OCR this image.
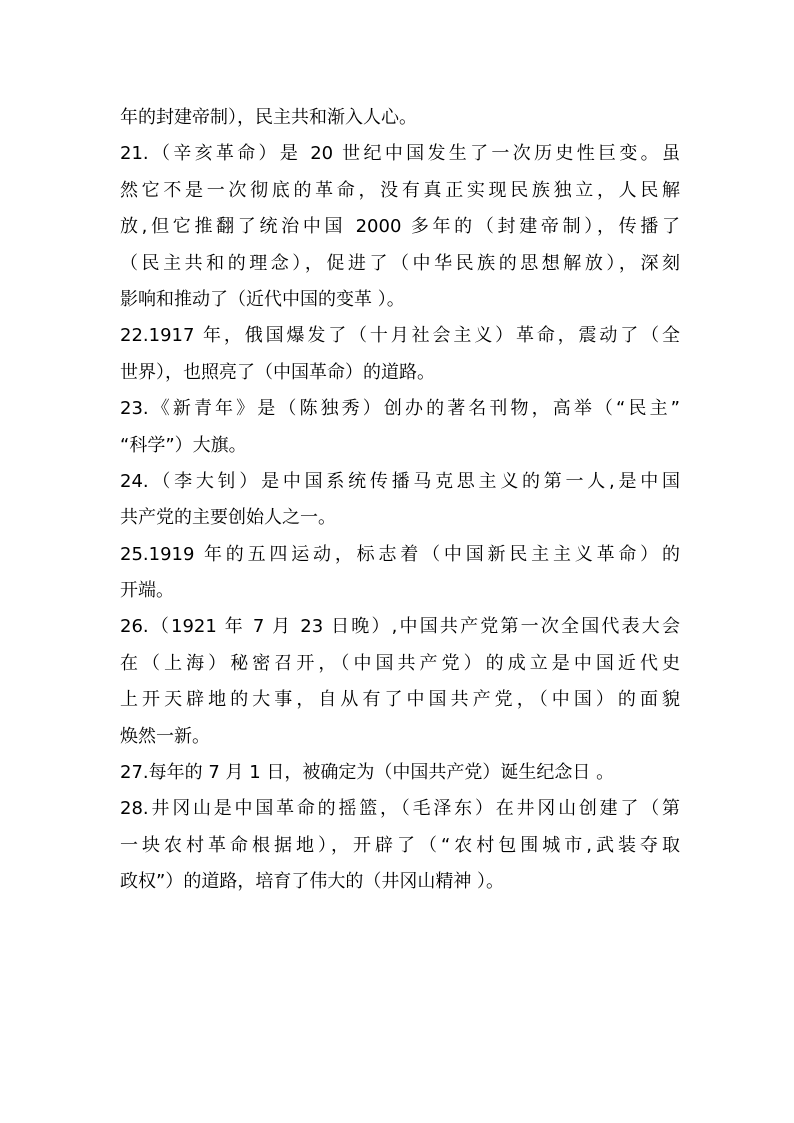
年的封建帝制），民主共和渐入人心。
21.（辛亥革命）是 20 世纪中国发生了一次历史性巨变。虽
然它不是一次彻底的革命，没有真正实现民族独立，人民解
放,但它推翻了统治中国 2000 多年的（封建帝制），传播了
（民主共和的理念），促进了（中华民族的思想解放），深刻
影响和推动了（近代中国的变革 ）。
22.1917 年，俄国爆发了（十月社会主义）革命，震动了（全
世界），也照亮了（中国革命）的道路。
23.《新青年》是（陈独秀）创办的著名刊物，高举（“民主”
“科学”）大旗。
24.（李大钊）是中国系统传播马克思主义的第一人,是中国
共产党的主要创始人之一。
25.1919 年的五四运动，标志着（中国新民主主义革命）的
开端。
26.（1921 年 7 月 23 日晚）,中国共产党第一次全国代表大会
在（上海）秘密召开，（中国共产党）的成立是中国近代史
上开天辟地的大事，自从有了中国共产党，（中国）的面貌
焕然一新。
27.每年的 7 月 1 日，被确定为（中国共产党）诞生纪念日 。
28.井冈山是中国革命的摇篮，（毛泽东）在井冈山创建了（第
一块农村革命根据地），开辟了（“农村包围城市,武装夺取
政权”）的道路，培育了伟大的（井冈山精神 ）。
